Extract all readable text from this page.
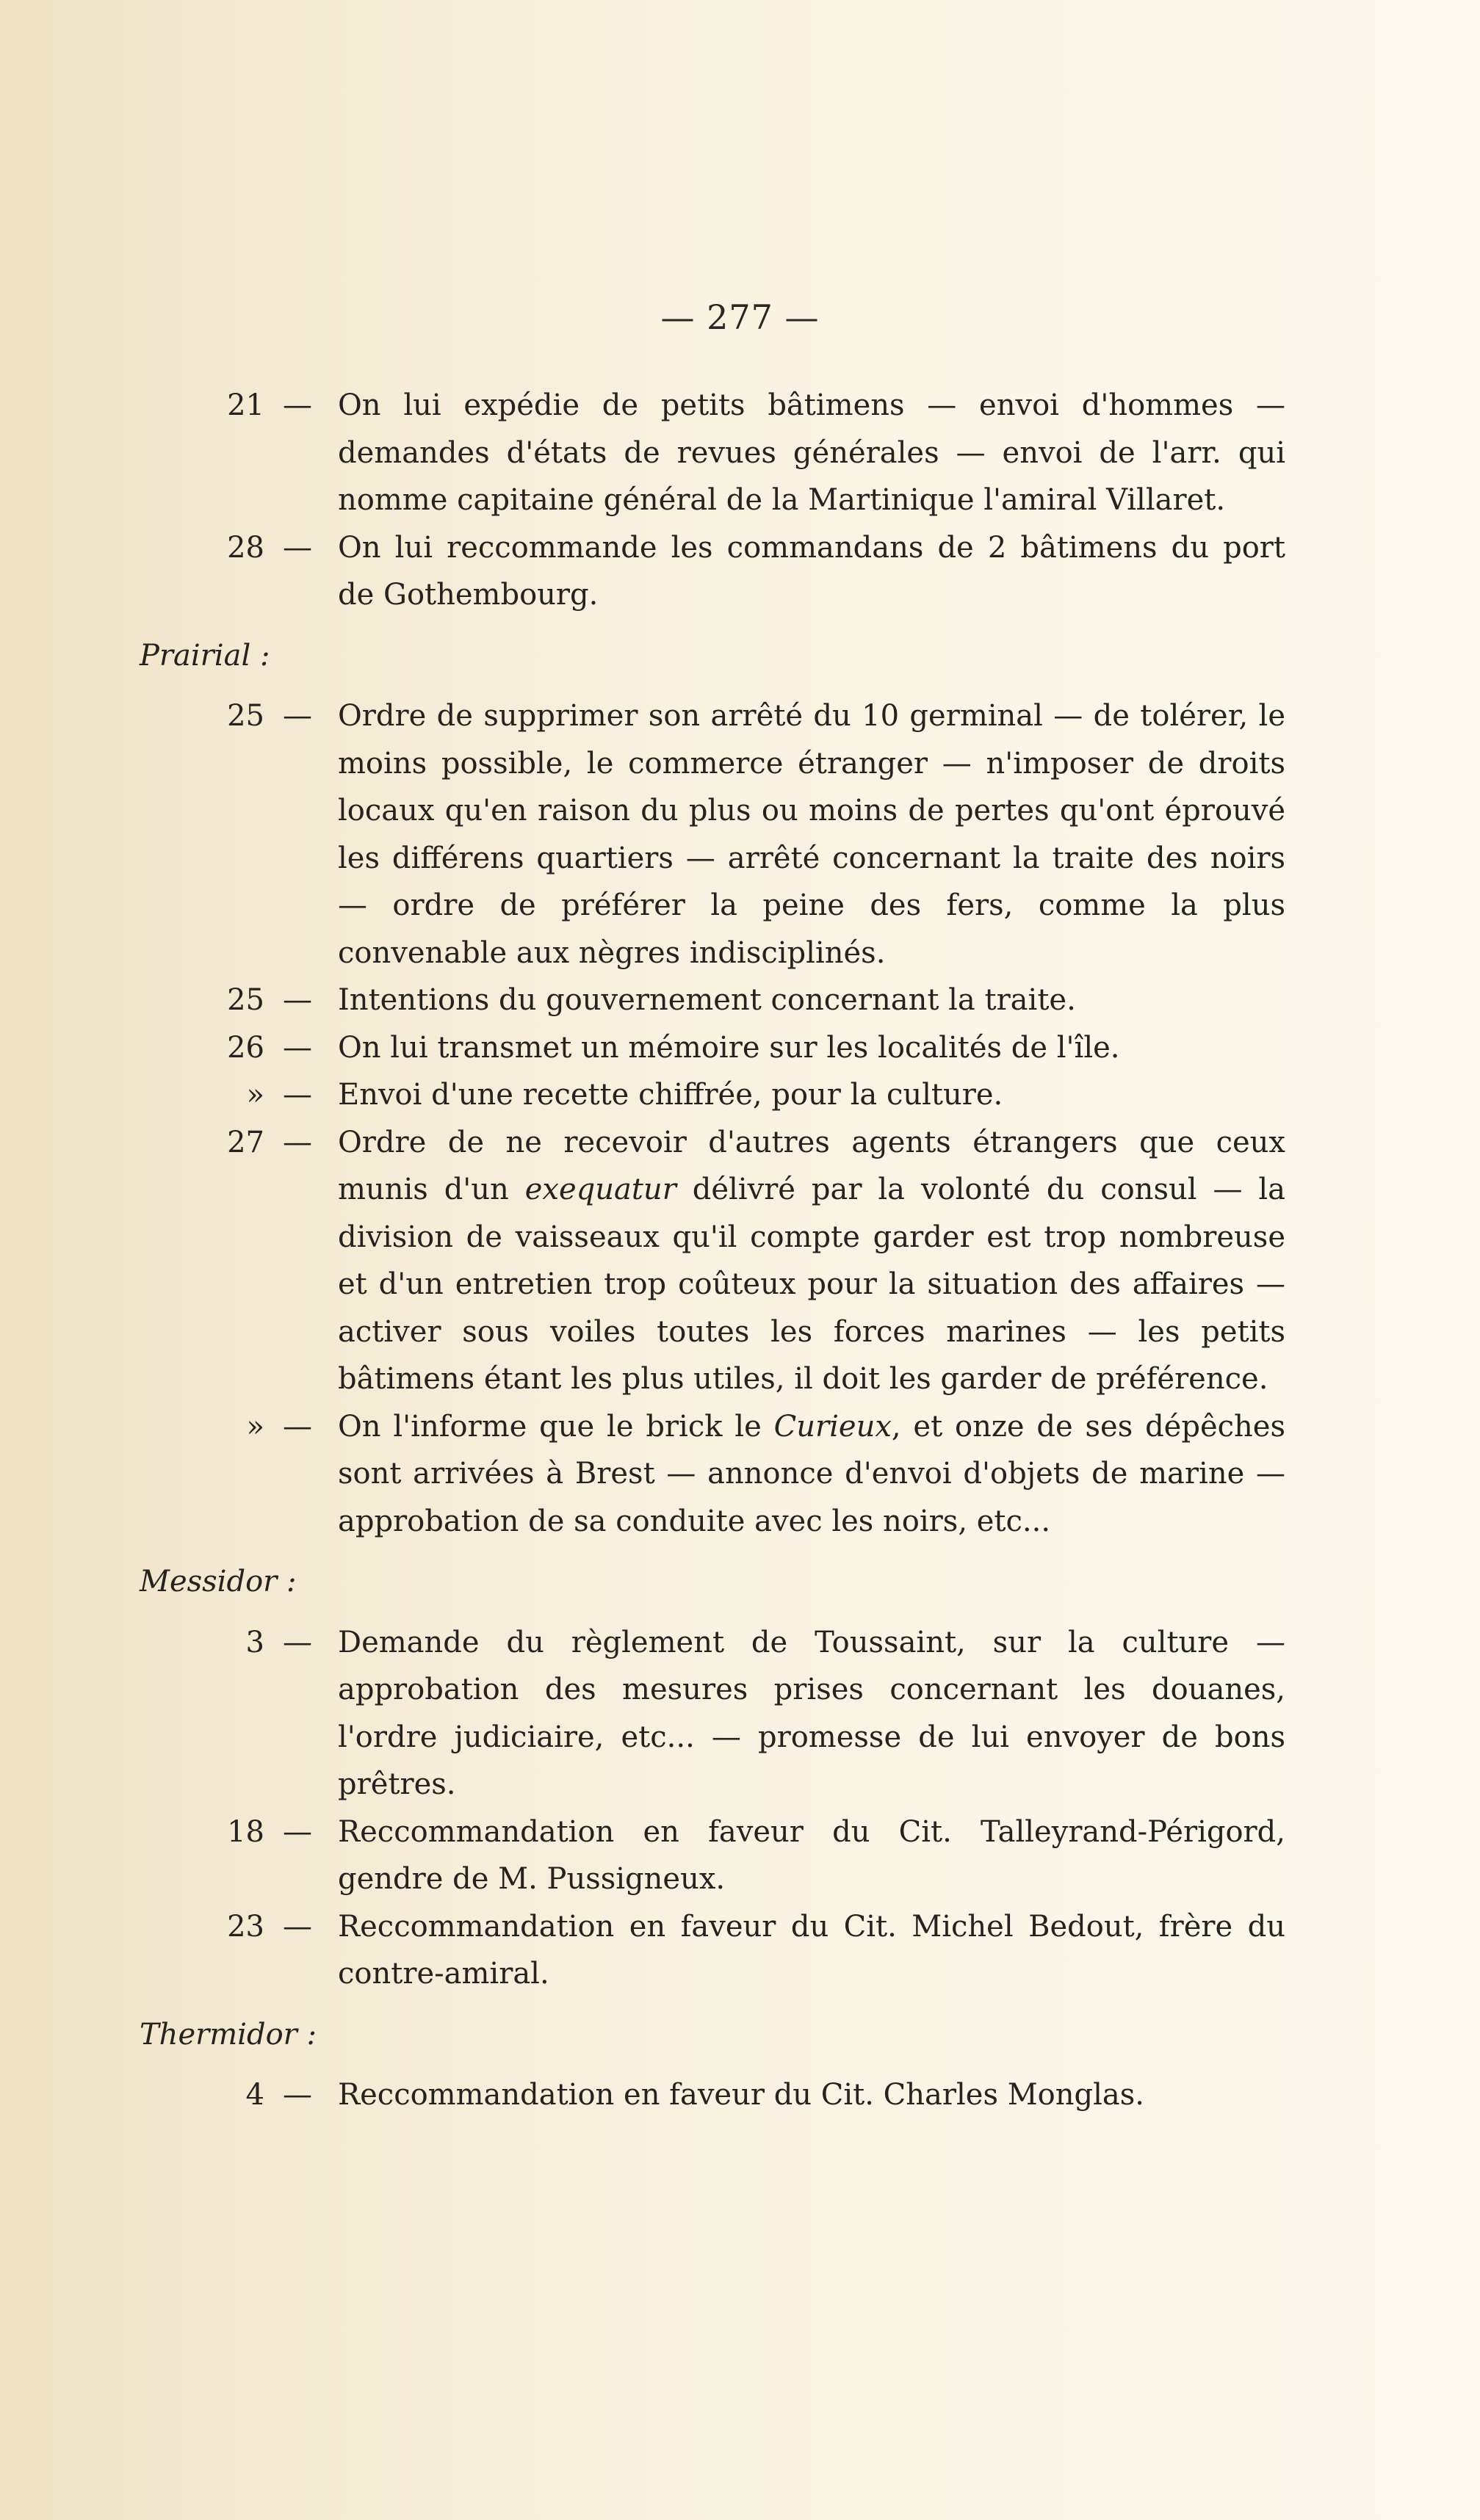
— 277 —
21 — On lui expédie de petits bâtimens — envoi d'hommes — demandes d'états de revues générales — envoi de l'arr. qui nomme capitaine général de la Martinique l'amiral Villaret.
28 — On lui reccommande les commandans de 2 bâtimens du port de Gothembourg.
Prairial :
25 — Ordre de supprimer son arrêté du 10 germinal — de tolérer, le moins possible, le commerce étranger — n'imposer de droits locaux qu'en raison du plus ou moins de pertes qu'ont éprouvé les différens quartiers — arrêté concernant la traite des noirs — ordre de préférer la peine des fers, comme la plus convenable aux nègres indisciplinés.
25 — Intentions du gouvernement concernant la traite.
26 — On lui transmet un mémoire sur les localités de l'île.
» — Envoi d'une recette chiffrée, pour la culture.
27 — Ordre de ne recevoir d'autres agents étrangers que ceux munis d'un exequatur délivré par la volonté du consul — la division de vaisseaux qu'il compte garder est trop nombreuse et d'un entretien trop coûteux pour la situation des affaires — activer sous voiles toutes les forces marines — les petits bâtimens étant les plus utiles, il doit les garder de préférence.
» — On l'informe que le brick le Curieux, et onze de ses dépêches sont arrivées à Brest — annonce d'envoi d'objets de marine — approbation de sa conduite avec les noirs, etc...
Messidor :
3 — Demande du règlement de Toussaint, sur la culture — approbation des mesures prises concernant les douanes, l'ordre judiciaire, etc... — promesse de lui envoyer de bons prêtres.
18 — Reccommandation en faveur du Cit. Talleyrand-Périgord, gendre de M. Pussigneux.
23 — Reccommandation en faveur du Cit. Michel Bedout, frère du contre-amiral.
Thermidor :
4 — Reccommandation en faveur du Cit. Charles Monglas.
